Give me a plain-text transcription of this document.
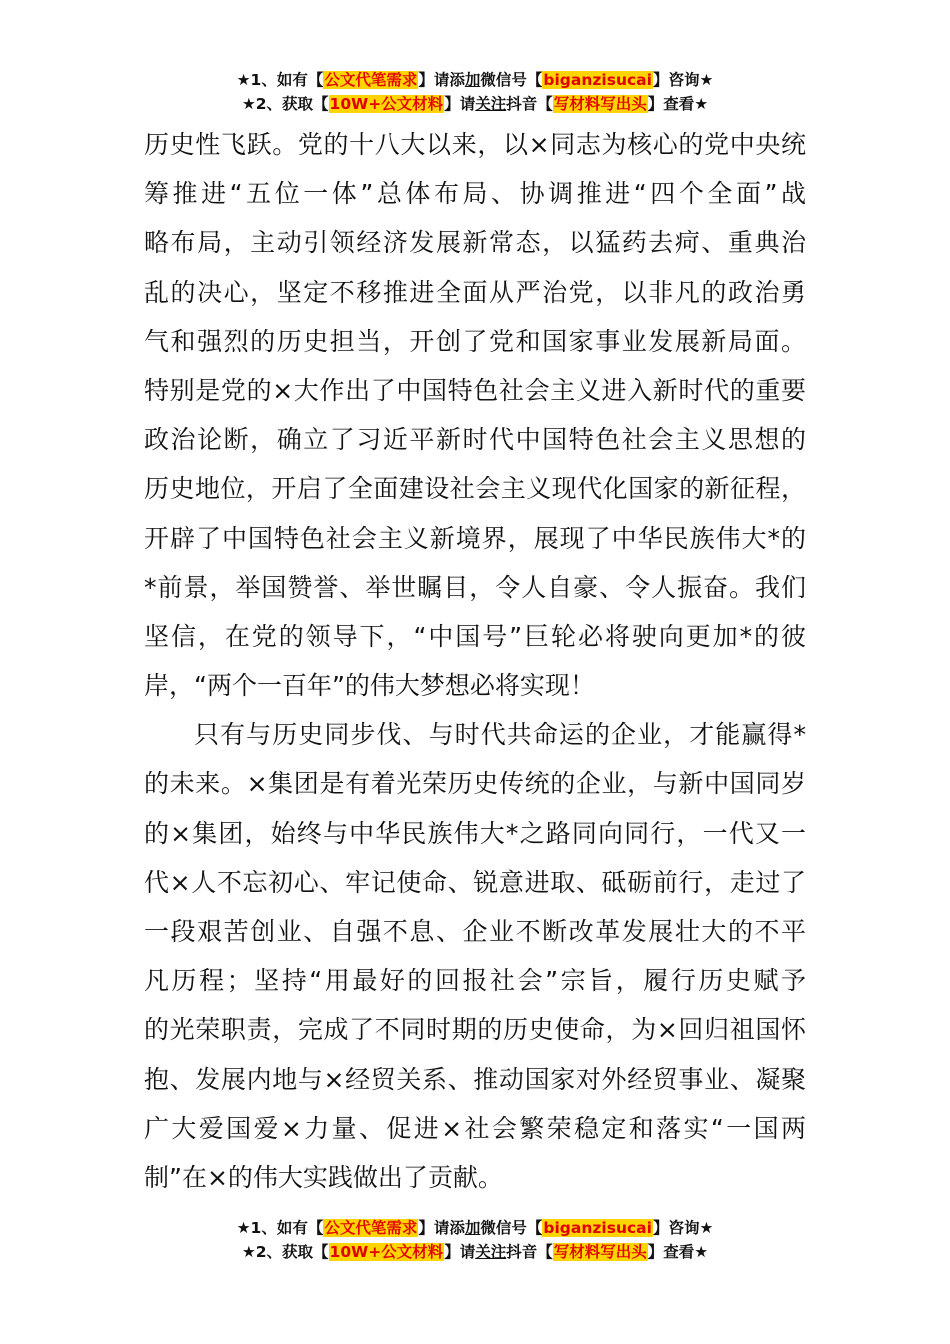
★1、如有【公文代笔需求】请添加微信号【biganzisucai】咨询★
★2、获取【10W+公文材料】请关注抖音【写材料写出头】查看★
历史性飞跃。党的十八大以来，以×同志为核心的党中央统
筹推进“五位一体”总体布局、协调推进“四个全面”战
略布局，主动引领经济发展新常态，以猛药去疴、重典治
乱的决心，坚定不移推进全面从严治党，以非凡的政治勇
气和强烈的历史担当，开创了党和国家事业发展新局面。
特别是党的×大作出了中国特色社会主义进入新时代的重要
政治论断，确立了习近平新时代中国特色社会主义思想的
历史地位，开启了全面建设社会主义现代化国家的新征程，
开辟了中国特色社会主义新境界，展现了中华民族伟大*的
*前景，举国赞誉、举世瞩目，令人自豪、令人振奋。我们
坚信，在党的领导下，“中国号”巨轮必将驶向更加*的彼
岸，“两个一百年”的伟大梦想必将实现！
只有与历史同步伐、与时代共命运的企业，才能赢得*
的未来。×集团是有着光荣历史传统的企业，与新中国同岁
的×集团，始终与中华民族伟大*之路同向同行，一代又一
代×人不忘初心、牢记使命、锐意进取、砥砺前行，走过了
一段艰苦创业、自强不息、企业不断改革发展壮大的不平
凡历程；坚持“用最好的回报社会”宗旨，履行历史赋予
的光荣职责，完成了不同时期的历史使命，为×回归祖国怀
抱、发展内地与×经贸关系、推动国家对外经贸事业、凝聚
广大爱国爱×力量、促进×社会繁荣稳定和落实“一国两
制”在×的伟大实践做出了贡献。
★1、如有【公文代笔需求】请添加微信号【biganzisucai】咨询★
★2、获取【10W+公文材料】请关注抖音【写材料写出头】查看★
